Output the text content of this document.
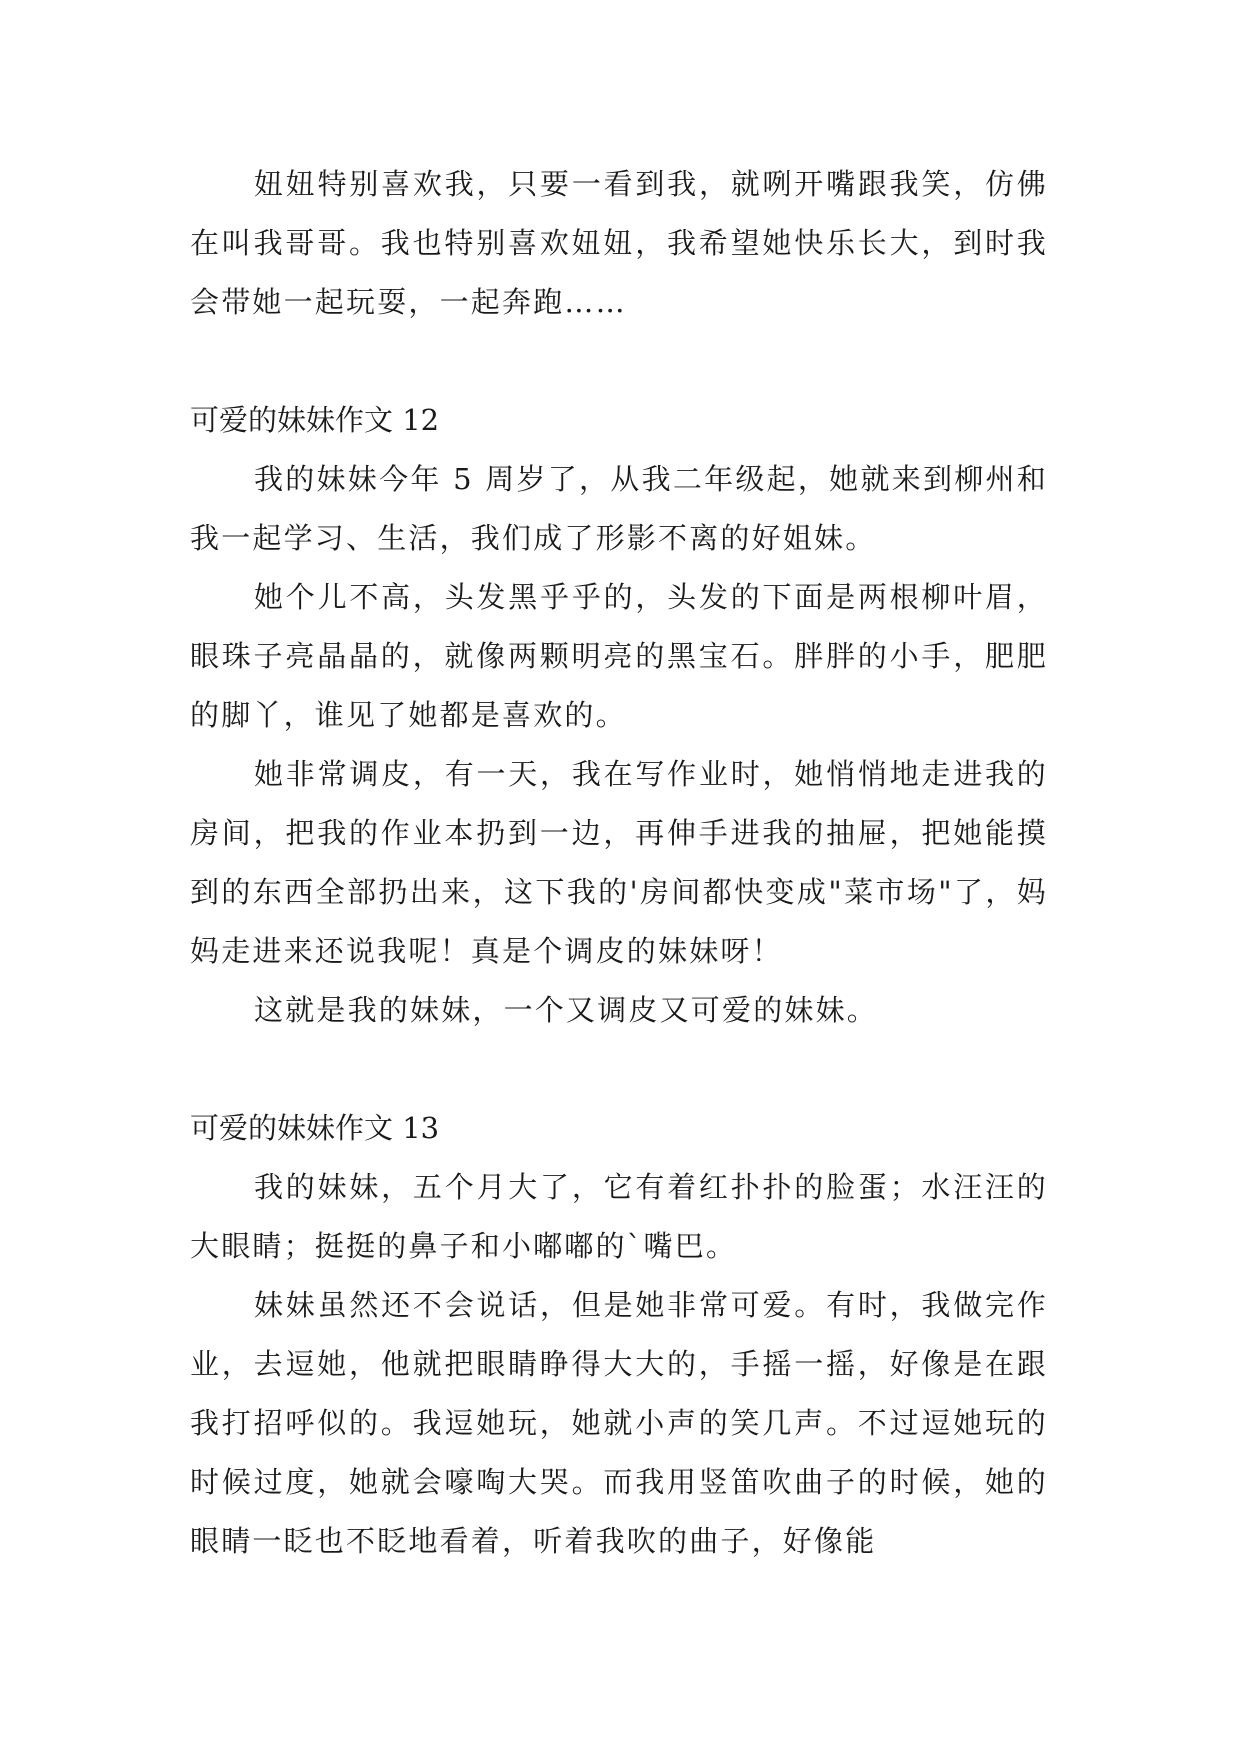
妞妞特别喜欢我，只要一看到我，就咧开嘴跟我笑，仿佛在叫我哥哥。我也特别喜欢妞妞，我希望她快乐长大，到时我会带她一起玩耍，一起奔跑……

可爱的妹妹作文 12

我的妹妹今年 5 周岁了，从我二年级起，她就来到柳州和我一起学习、生活，我们成了形影不离的好姐妹。

她个儿不高，头发黑乎乎的，头发的下面是两根柳叶眉，眼珠子亮晶晶的，就像两颗明亮的黑宝石。胖胖的小手，肥肥的脚丫，谁见了她都是喜欢的。

她非常调皮，有一天，我在写作业时，她悄悄地走进我的房间，把我的作业本扔到一边，再伸手进我的抽屉，把她能摸到的东西全部扔出来，这下我的'房间都快变成"菜市场"了，妈妈走进来还说我呢！真是个调皮的妹妹呀！

这就是我的妹妹，一个又调皮又可爱的妹妹。

可爱的妹妹作文 13

我的妹妹，五个月大了，它有着红扑扑的脸蛋；水汪汪的大眼睛；挺挺的鼻子和小嘟嘟的`嘴巴。

妹妹虽然还不会说话，但是她非常可爱。有时，我做完作业，去逗她，他就把眼睛睁得大大的，手摇一摇，好像是在跟我打招呼似的。我逗她玩，她就小声的笑几声。不过逗她玩的时候过度，她就会嚎啕大哭。而我用竖笛吹曲子的时候，她的眼睛一眨也不眨地看着，听着我吹的曲子，好像能
